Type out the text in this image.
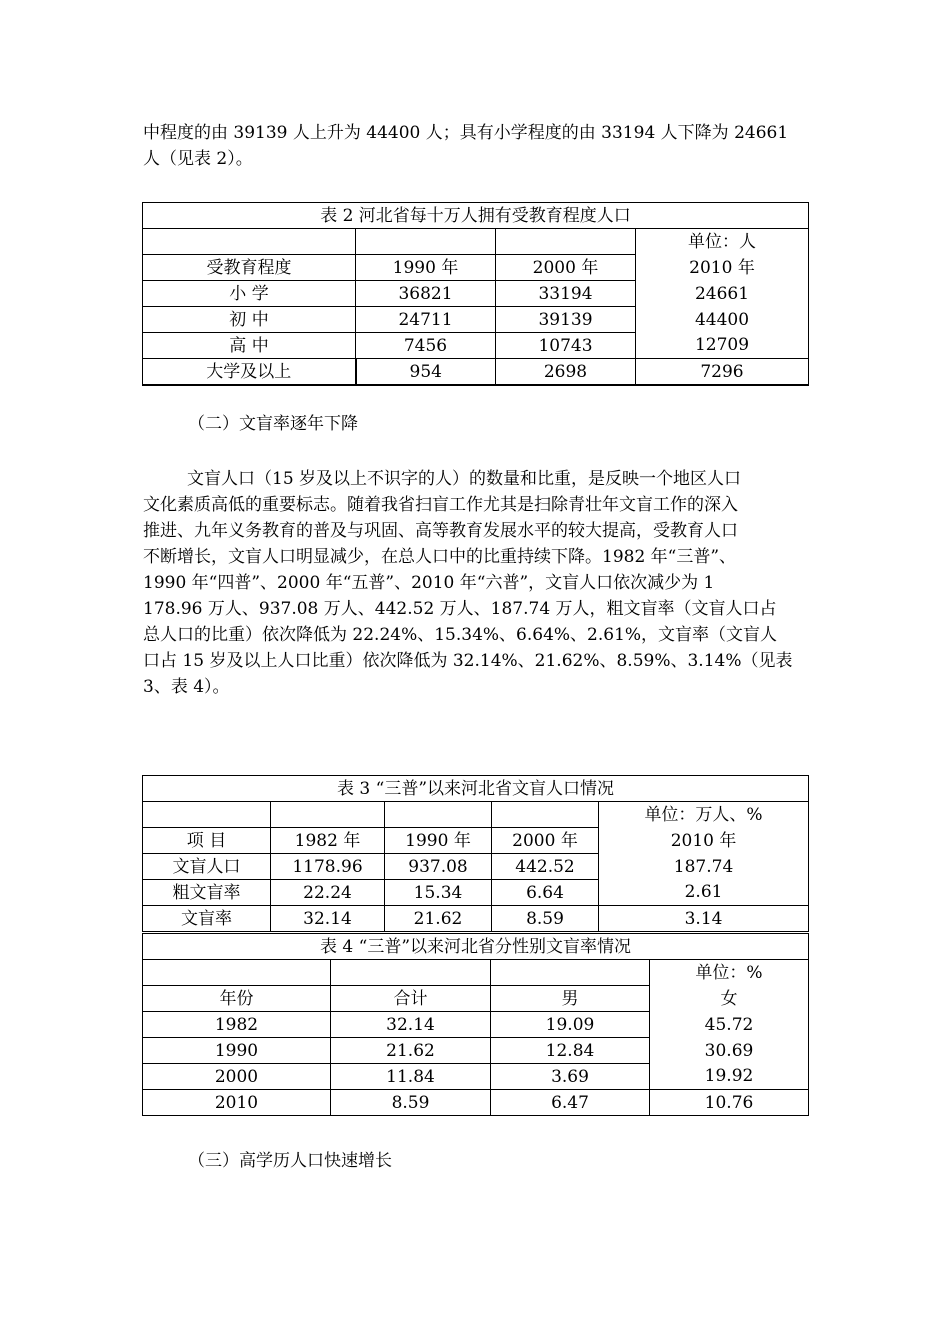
中程度的由 39139 人上升为 44400 人；具有小学程度的由 33194 人下降为 24661
人（见表 2）。

表 2 河北省每十万人拥有受教育程度人口			
			单位：人
受教育程度	1990 年	2000 年	2010 年
小 学	36821	33194	24661
初 中	24711	39139	44400
高 中	7456	10743	12709
大学及以上	954	2698	7296

（二）文盲率逐年下降

文盲人口（15 岁及以上不识字的人）的数量和比重，是反映一个地区人口
文化素质高低的重要标志。随着我省扫盲工作尤其是扫除青壮年文盲工作的深入
推进、九年义务教育的普及与巩固、高等教育发展水平的较大提高，受教育人口
不断增长，文盲人口明显减少，在总人口中的比重持续下降。1982 年“三普”、
1990 年“四普”、2000 年“五普”、2010 年“六普”，文盲人口依次减少为 1
178.96 万人、937.08 万人、442.52 万人、187.74 万人，粗文盲率（文盲人口占
总人口的比重）依次降低为 22.24%、15.34%、6.64%、2.61%，文盲率（文盲人
口占 15 岁及以上人口比重）依次降低为 32.14%、21.62%、8.59%、3.14%（见表
3、表 4）。

表 3 “三普”以来河北省文盲人口情况				
				单位：万人、%
项 目	1982 年	1990 年	2000 年	2010 年
文盲人口	1178.96	937.08	442.52	187.74
粗文盲率	22.24	15.34	6.64	2.61
文盲率	32.14	21.62	8.59	3.14
表 4 “三普”以来河北省分性别文盲率情况			
			单位：%
年份	合计	男	女
1982	32.14	19.09	45.72
1990	21.62	12.84	30.69
2000	11.84	3.69	19.92
2010	8.59	6.47	10.76

（三）高学历人口快速增长
